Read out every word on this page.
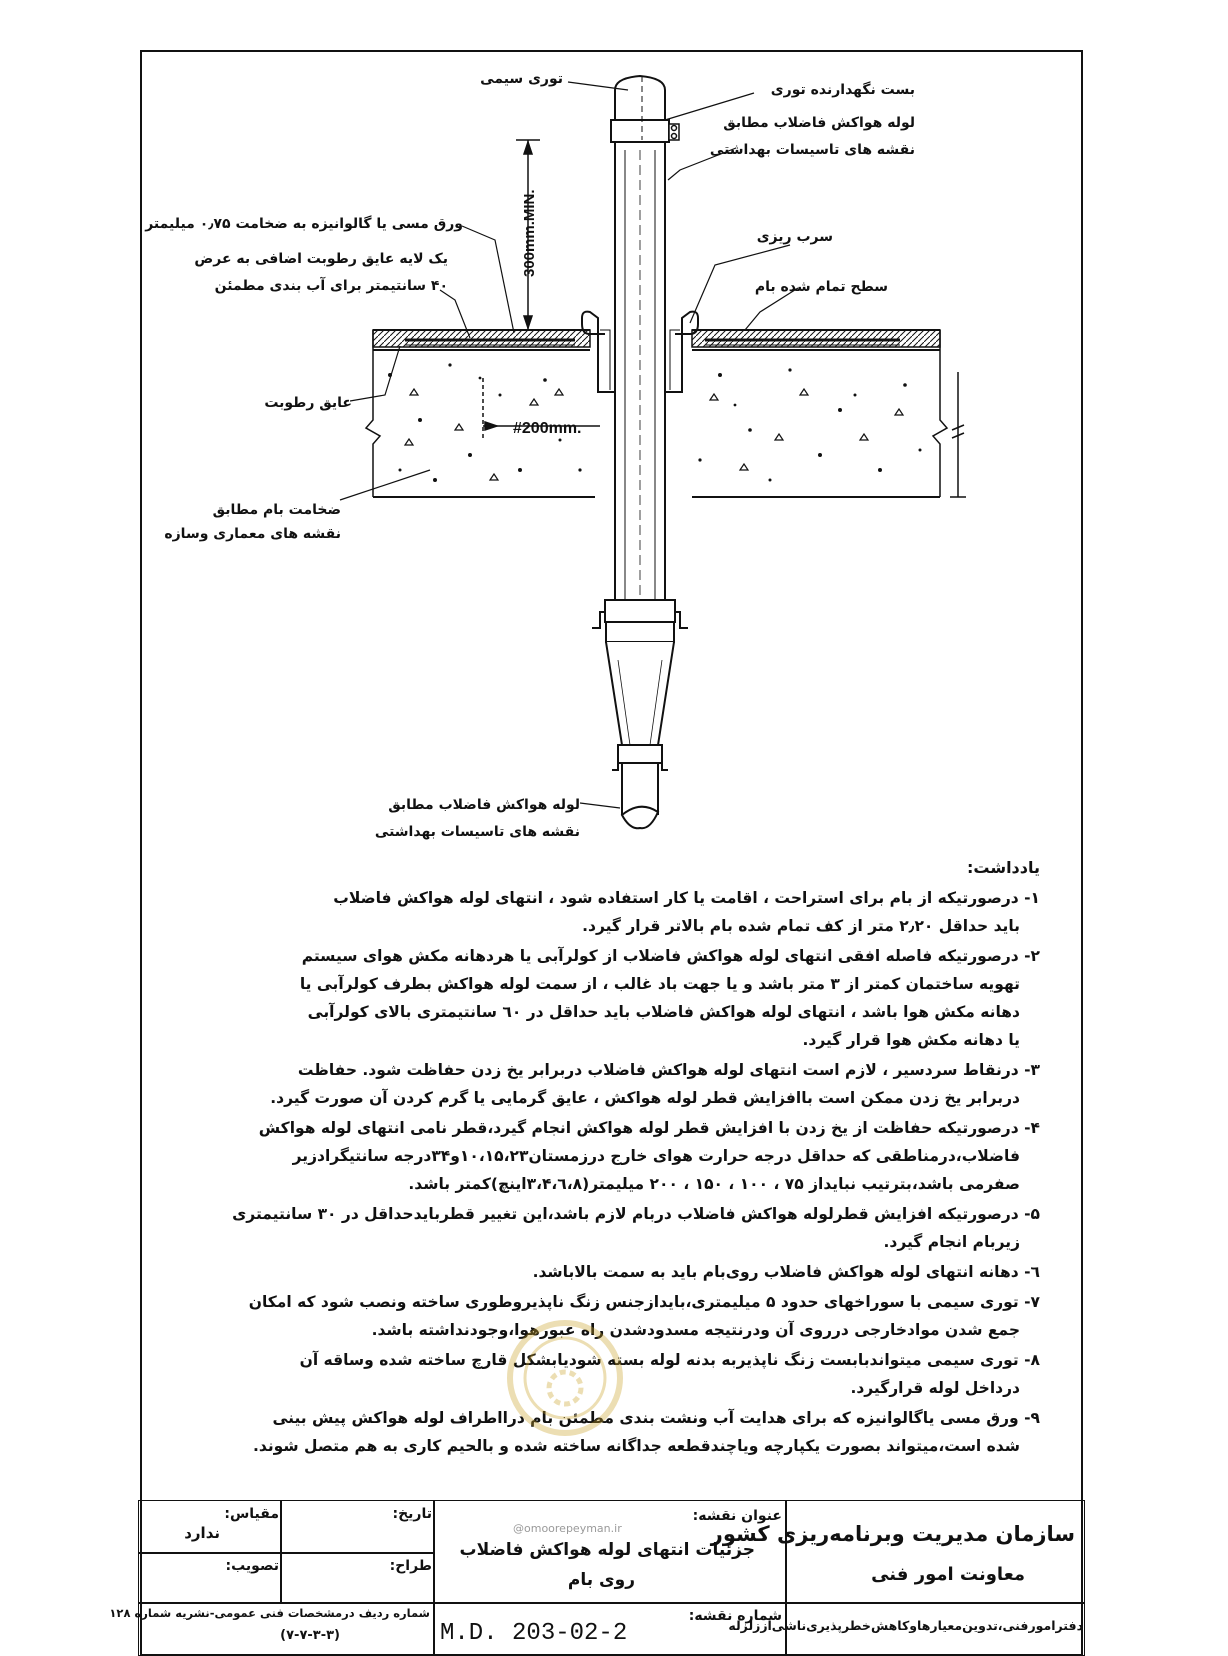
300mm.MIN.
#200mm.
توری سیمی
بست نگهدارنده توری
لوله هواکش فاضلاب مطابق
نقشه های تاسیسات بهداشتی
ورق مسی یا گالوانیزه به ضخامت ۰٫۷۵ میلیمتر
یک لایه عایق رطوبت اضافی به عرض
۴۰ سانتیمتر برای آب بندی مطمئن
سرب ریزی
سطح تمام شده بام
عایق رطوبت
ضخامت بام مطابق
نقشه های معماری وسازه
لوله هواکش فاضلاب مطابق
نقشه های تاسیسات بهداشتی
یادداشت:
۱- درصورتیکه از بام برای استراحت ، اقامت یا کار استفاده شود ، انتهای لوله هواکش فاضلاب
باید حداقل ۲٫۲۰ متر از کف تمام شده بام بالاتر قرار گیرد.
۲- درصورتیکه فاصله افقی انتهای لوله هواکش فاضلاب از کولرآبی یا هردهانه مکش هوای سیستم
تهویه ساختمان کمتر از ۳ متر باشد و یا جهت باد غالب ، از سمت لوله هواکش بطرف کولرآبی یا
دهانه مکش هوا باشد ، انتهای لوله هواکش فاضلاب باید حداقل در ٦٠ سانتیمتری بالای کولرآبی
یا دهانه مکش هوا قرار گیرد.
۳- درنقاط سردسیر ، لازم است انتهای لوله هواکش فاضلاب دربرابر یخ زدن حفاظت شود. حفاظت
دربرابر یخ زدن ممکن است باافزایش قطر لوله هواکش ، عایق گرمایی یا گرم کردن آن صورت گیرد.
۴- درصورتیکه حفاظت از یخ زدن با افزایش قطر لوله هواکش انجام گیرد،قطر نامی انتهای لوله هواکش
فاضلاب،درمناطقی که حداقل درجه حرارت هوای خارج درزمستان۱۰،۱۵،۲۳و۳۴درجه سانتیگرادزیر
صفرمی باشد،بترتیب نبایداز ۷۵ ، ۱۰۰ ، ۱۵۰ ، ۲۰۰ میلیمتر(۳،۴،٦،۸اینچ)کمتر باشد.
۵- درصورتیکه افزایش قطرلوله هواکش فاضلاب دربام لازم باشد،این تغییر قطربایدحداقل در ۳۰ سانتیمتری
زیربام انجام گیرد.
٦- دهانه انتهای لوله هواکش فاضلاب روی‌بام باید به سمت بالاباشد.
۷- توری سیمی با سوراخهای حدود ۵ میلیمتری،بایدازجنس زنگ ناپذیروطوری ساخته ونصب شود که امکان
جمع شدن موادخارجی درروی آن ودرنتیجه مسدودشدن راه عبورهوا،وجودنداشته باشد.
۸- توری سیمی میتواندبابست زنگ ناپذیربه بدنه لوله بسته شودیابشکل قارچ ساخته شده وساقه آن
درداخل لوله قرارگیرد.
۹- ورق مسی یاگالوانیزه که برای هدایت آب ونشت بندی مطمئن بام درااطراف لوله هواکش پیش بینی
شده است،میتواند بصورت یکپارچه ویاچندقطعه جداگانه ساخته شده و بالحیم کاری به هم متصل شوند.
سازمان مدیریت وبرنامه‌ریزی کشور
معاونت امور فنی
دفترامورفنی،تدوین‌معیارهاوکاهش‌خطرپذیری‌ناشی‌اززلزله
عنوان نقشه:
جزئیات انتهای لوله هواکش فاضلاب
روی بام
@omoorepeyman.ir
شماره نقشه:
M.D. 203-02-2
تاریخ:
طراح:
مقیاس:
ندارد
تصویب:
شماره ردیف درمشخصات فنی عمومی-نشریه شماره ۱۲۸
(۷-۷-۳-۳)
